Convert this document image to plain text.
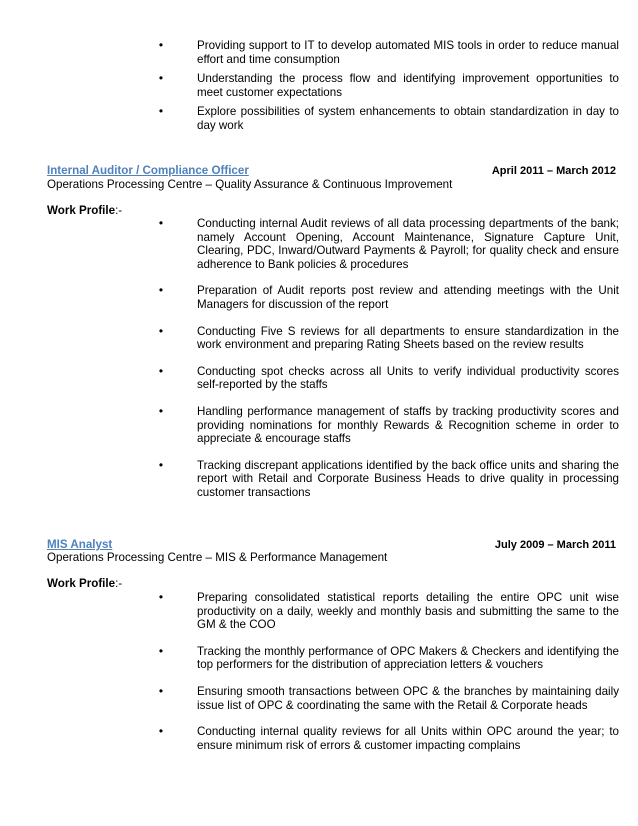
•	Providing support to IT to develop automated MIS tools in order to reduce manual effort and time consumption
•	Understanding the process flow and identifying improvement opportunities to meet customer expectations
•	Explore possibilities of system enhancements to obtain standardization in day to day work
Internal Auditor / Compliance Officer	April 2011 – March 2012
Operations Processing Centre – Quality Assurance & Continuous Improvement
Work Profile:-
•	Conducting internal Audit reviews of all data processing departments of the bank; namely Account Opening, Account Maintenance, Signature Capture Unit, Clearing, PDC, Inward/Outward Payments & Payroll; for quality check and ensure adherence to Bank policies & procedures
•	Preparation of Audit reports post review and attending meetings with the Unit Managers for discussion of the report
•	Conducting Five S reviews for all departments to ensure standardization in the work environment and preparing Rating Sheets based on the review results
•	Conducting spot checks across all Units to verify individual productivity scores self-reported by the staffs
•	Handling performance management of staffs by tracking productivity scores and providing nominations for monthly Rewards & Recognition scheme in order to appreciate & encourage staffs
•	Tracking discrepant applications identified by the back office units and sharing the report with Retail and Corporate Business Heads to drive quality in processing customer transactions
MIS Analyst	July 2009 – March 2011
Operations Processing Centre – MIS & Performance Management
Work Profile:-
•	Preparing consolidated statistical reports detailing the entire OPC unit wise productivity on a daily, weekly and monthly basis and submitting the same to the GM & the COO
•	Tracking the monthly performance of OPC Makers & Checkers and identifying the top performers for the distribution of appreciation letters & vouchers
•	Ensuring smooth transactions between OPC & the branches by maintaining daily issue list of OPC & coordinating the same with the Retail & Corporate heads
•	Conducting internal quality reviews for all Units within OPC around the year; to ensure minimum risk of errors & customer impacting complains
